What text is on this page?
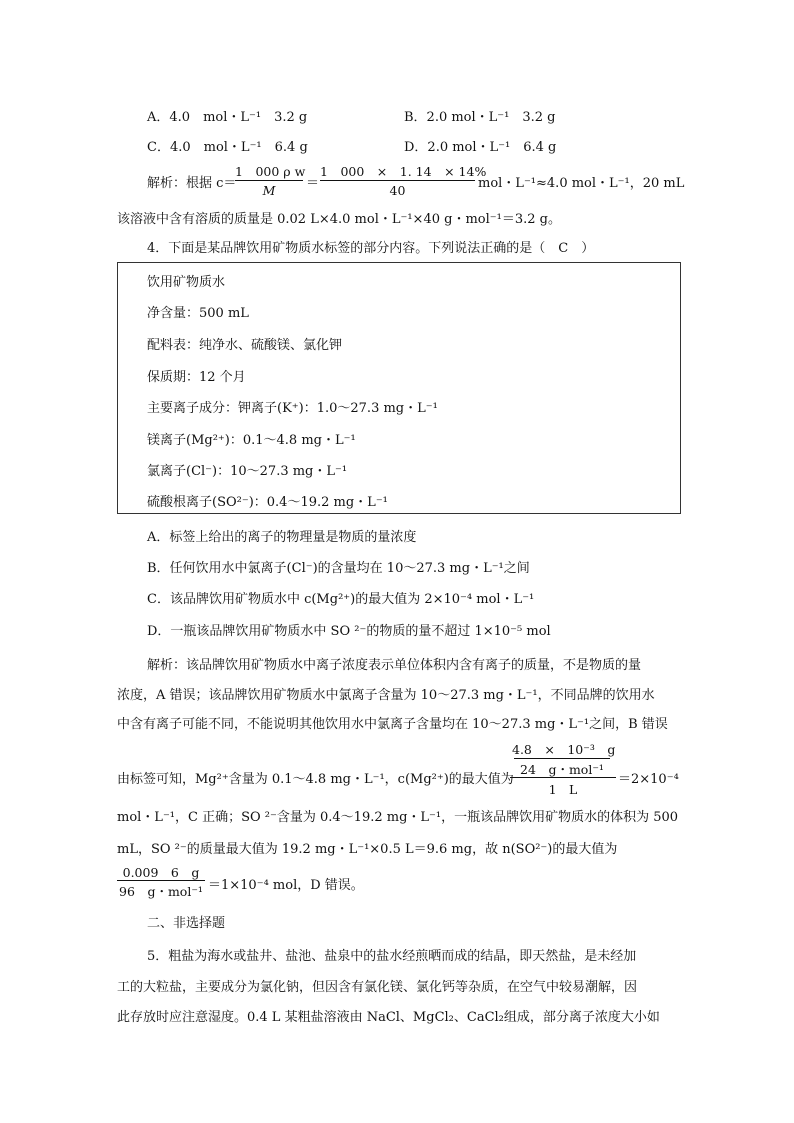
A．4.0　mol・L⁻¹　3.2 g	B．2.0 mol・L⁻¹　3.2 g
C．4.0　mol・L⁻¹　6.4 g	D．2.0 mol・L⁻¹　6.4 g
解析：根据 c＝
1　000 ρ w
M	＝
1　000　×　1. 14　× 14%
40	mol・L⁻¹≈4.0 mol・L⁻¹，20 mL
该溶液中含有溶质的质量是 0.02 L×4.0 mol・L⁻¹×40 g・mol⁻¹＝3.2 g。
4．下面是某品牌饮用矿物质水标签的部分内容。下列说法正确的是（　C　）
饮用矿物质水
净含量：500 mL
配料表：纯净水、硫酸镁、氯化钾
保质期：12 个月
主要离子成分：钾离子(K⁺)：1.0～27.3 mg・L⁻¹
镁离子(Mg²⁺)：0.1～4.8 mg・L⁻¹
氯离子(Cl⁻)：10～27.3 mg・L⁻¹
硫酸根离子(SO²⁻)：0.4～19.2 mg・L⁻¹
A．标签上给出的离子的物理量是物质的量浓度
B．任何饮用水中氯离子(Cl⁻)的含量均在 10～27.3 mg・L⁻¹之间
C．该品牌饮用矿物质水中 c(Mg²⁺)的最大值为 2×10⁻⁴ mol・L⁻¹
D．一瓶该品牌饮用矿物质水中 SO ²⁻的物质的量不超过 1×10⁻⁵ mol
解析：该品牌饮用矿物质水中离子浓度表示单位体积内含有离子的质量，不是物质的量
浓度，A 错误；该品牌饮用矿物质水中氯离子含量为 10～27.3 mg・L⁻¹，不同品牌的饮用水
中含有离子可能不同，不能说明其他饮用水中氯离子含量均在 10～27.3 mg・L⁻¹之间，B 错误
由标签可知，Mg²⁺含量为 0.1～4.8 mg・L⁻¹，c(Mg²⁺)的最大值为
4.8　×　10⁻³　g
24　g・mol⁻¹
1　L
＝2×10⁻⁴
mol・L⁻¹，C 正确；SO ²⁻含量为 0.4～19.2 mg・L⁻¹，一瓶该品牌饮用矿物质水的体积为 500
mL，SO ²⁻的质量最大值为 19.2 mg・L⁻¹×0.5 L＝9.6 mg，故 n(SO²⁻)的最大值为
0.009　6　g
96　g・mol⁻¹ ＝1×10⁻⁴ mol，D 错误。
二、非选择题
5．粗盐为海水或盐井、盐池、盐泉中的盐水经煎晒而成的结晶，即天然盐，是未经加
工的大粒盐，主要成分为氯化钠，但因含有氯化镁、氯化钙等杂质，在空气中较易潮解，因
此存放时应注意湿度。0.4 L 某粗盐溶液由 NaCl、MgCl₂、CaCl₂组成，部分离子浓度大小如
